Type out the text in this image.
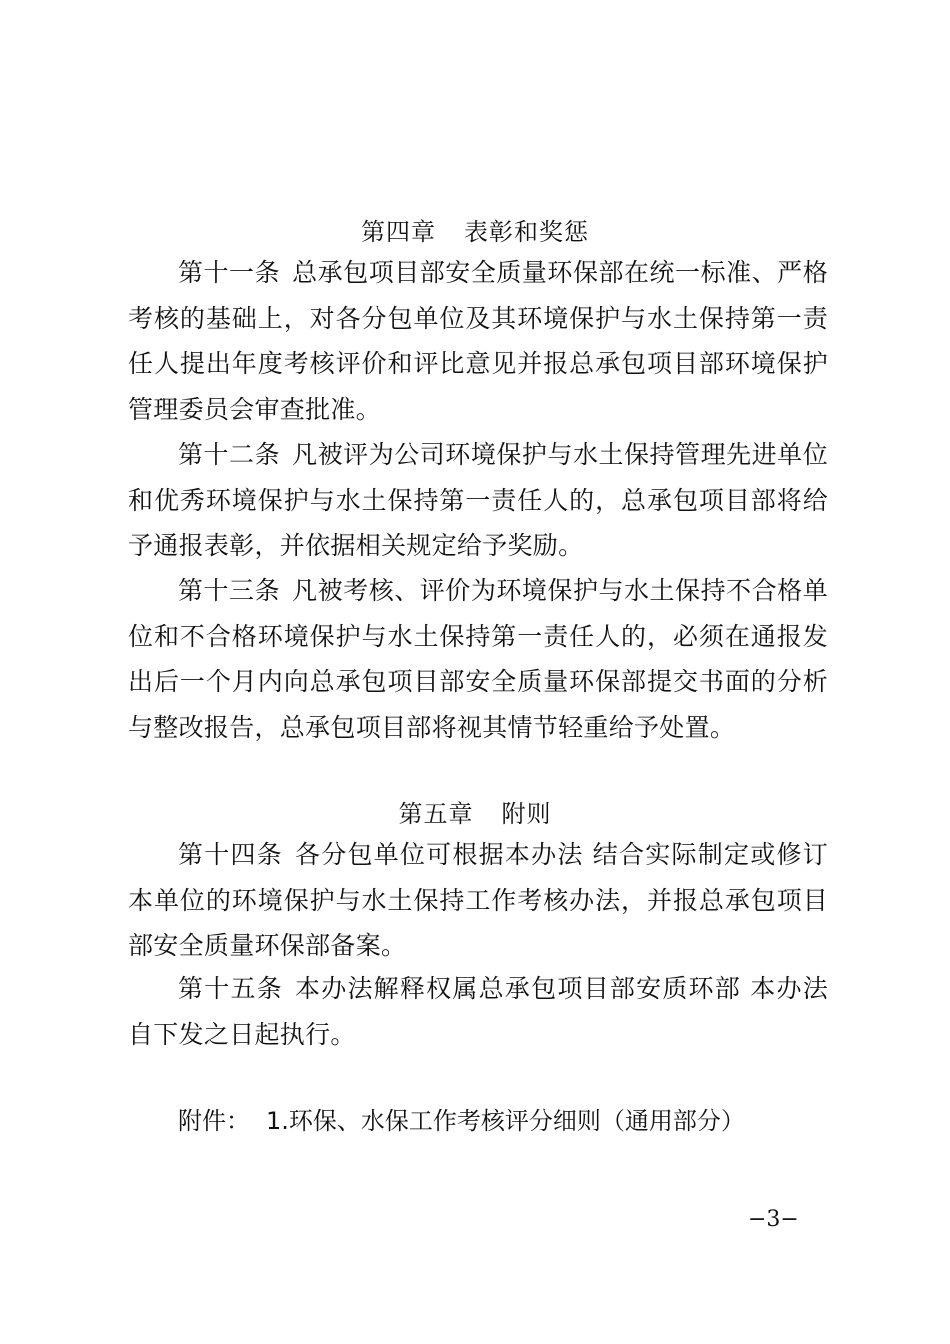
第四章 表彰和奖惩

第十一条 总承包项目部安全质量环保部在统一标准、严格考核的基础上，对各分包单位及其环境保护与水土保持第一责任人提出年度考核评价和评比意见并报总承包项目部环境保护管理委员会审查批准。

第十二条 凡被评为公司环境保护与水土保持管理先进单位和优秀环境保护与水土保持第一责任人的，总承包项目部将给予通报表彰，并依据相关规定给予奖励。

第十三条 凡被考核、评价为环境保护与水土保持不合格单位和不合格环境保护与水土保持第一责任人的，必须在通报发出后一个月内向总承包项目部安全质量环保部提交书面的分析与整改报告，总承包项目部将视其情节轻重给予处置。

第五章 附则

第十四条 各分包单位可根据本办法 结合实际制定或修订本单位的环境保护与水土保持工作考核办法，并报总承包项目部安全质量环保部备案。

第十五条 本办法解释权属总承包项目部安质环部 本办法自下发之日起执行。

附件： 1.环保、水保工作考核评分细则（通用部分）
−3−
